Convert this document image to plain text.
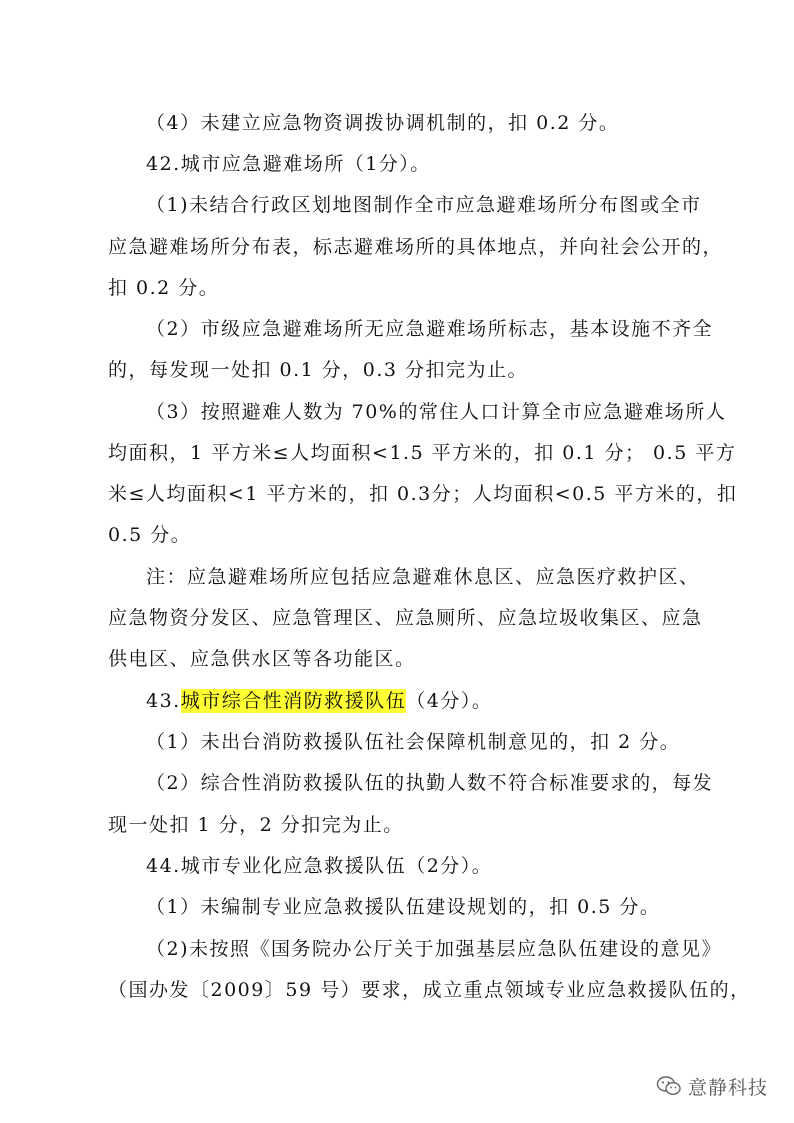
（4）未建立应急物资调拨协调机制的，扣 0.2 分。
42.城市应急避难场所（1分）。
（1)未结合行政区划地图制作全市应急避难场所分布图或全市
应急避难场所分布表，标志避难场所的具体地点，并向社会公开的，
扣 0.2 分。
（2）市级应急避难场所无应急避难场所标志，基本设施不齐全
的，每发现一处扣 0.1 分，0.3 分扣完为止。
（3）按照避难人数为 70%的常住人口计算全市应急避难场所人
均面积，1 平方米≤人均面积<1.5 平方米的，扣 0.1 分； 0.5 平方
米≤人均面积<1 平方米的，扣 0.3分；人均面积<0.5 平方米的，扣
0.5 分。
注：应急避难场所应包括应急避难休息区、应急医疗救护区、
应急物资分发区、应急管理区、应急厕所、应急垃圾收集区、应急
供电区、应急供水区等各功能区。
43.城市综合性消防救援队伍（4分）。
（1）未出台消防救援队伍社会保障机制意见的，扣 2 分。
（2）综合性消防救援队伍的执勤人数不符合标准要求的，每发
现一处扣 1 分，2 分扣完为止。
44.城市专业化应急救援队伍（2分）。
（1）未编制专业应急救援队伍建设规划的，扣 0.5 分。
（2)未按照《国务院办公厅关于加强基层应急队伍建设的意见》
（国办发〔2009〕59 号）要求，成立重点领域专业应急救援队伍的，
意静科技
